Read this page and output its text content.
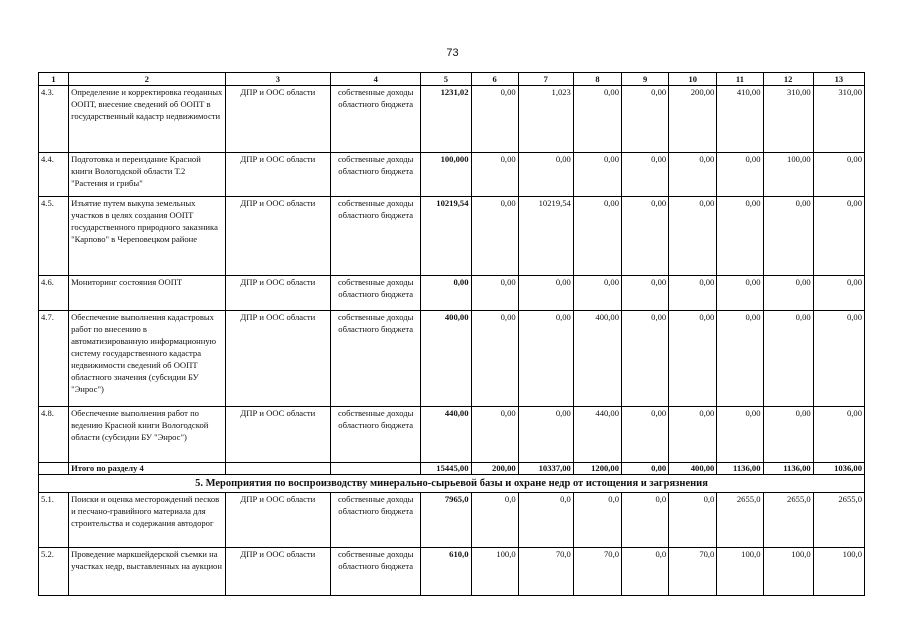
73
1	2	3	4	5	6	7	8	9	10	11	12	13
4.3.	Определение и корректировка геоданных ООПТ, внесение сведений об ООПТ в государственный кадастр недвижимости	ДПР и ООС области	собственные доходы областного бюджета	1231,02	0,00	1,023	0,00	0,00	200,00	410,00	310,00	310,00
4.4.	Подготовка и переиздание Красной книги Вологодской области Т.2 "Растения и грибы"	ДПР и ООС области	собственные доходы областного бюджета	100,000	0,00	0,00	0,00	0,00	0,00	0,00	100,00	0,00
4.5.	Изъятие путем выкупа земельных участков в целях создания ООПТ государственного природного заказника "Карпово" в Череповецком районе	ДПР и ООС области	собственные доходы областного бюджета	10219,54	0,00	10219,54	0,00	0,00	0,00	0,00	0,00	0,00
4.6.	Мониторинг состояния ООПТ	ДПР и ООС области	собственные доходы областного бюджета	0,00	0,00	0,00	0,00	0,00	0,00	0,00	0,00	0,00
4.7.	Обеспечение выполнения кадастровых работ по внесению в автоматизированную информационную систему государственного кадастра недвижимости сведений об ООПТ областного значения (субсидии БУ "Энрос")	ДПР и ООС области	собственные доходы областного бюджета	400,00	0,00	0,00	400,00	0,00	0,00	0,00	0,00	0,00
4.8.	Обеспечение выполнения работ по ведению Красной книги Вологодской области (субсидии БУ "Энрос")	ДПР и ООС области	собственные доходы областного бюджета	440,00	0,00	0,00	440,00	0,00	0,00	0,00	0,00	0,00
	Итого по разделу 4			15445,00	200,00	10337,00	1200,00	0,00	400,00	1136,00	1136,00	1036,00
5. Мероприятия по воспроизводству минерально-сырьевой базы и охране недр от истощения и загрязнения												
5.1.	Поиски и оценка месторождений песков и песчано-гравийного материала для строительства и содержания автодорог	ДПР и ООС области	собственные доходы областного бюджета	7965,0	0,0	0,0	0,0	0,0	0,0	2655,0	2655,0	2655,0
5.2.	Проведение маркшейдерской съемки на участках недр, выставленных на аукцион	ДПР и ООС области	собственные доходы областного бюджета	610,0	100,0	70,0	70,0	0,0	70,0	100,0	100,0	100,0
